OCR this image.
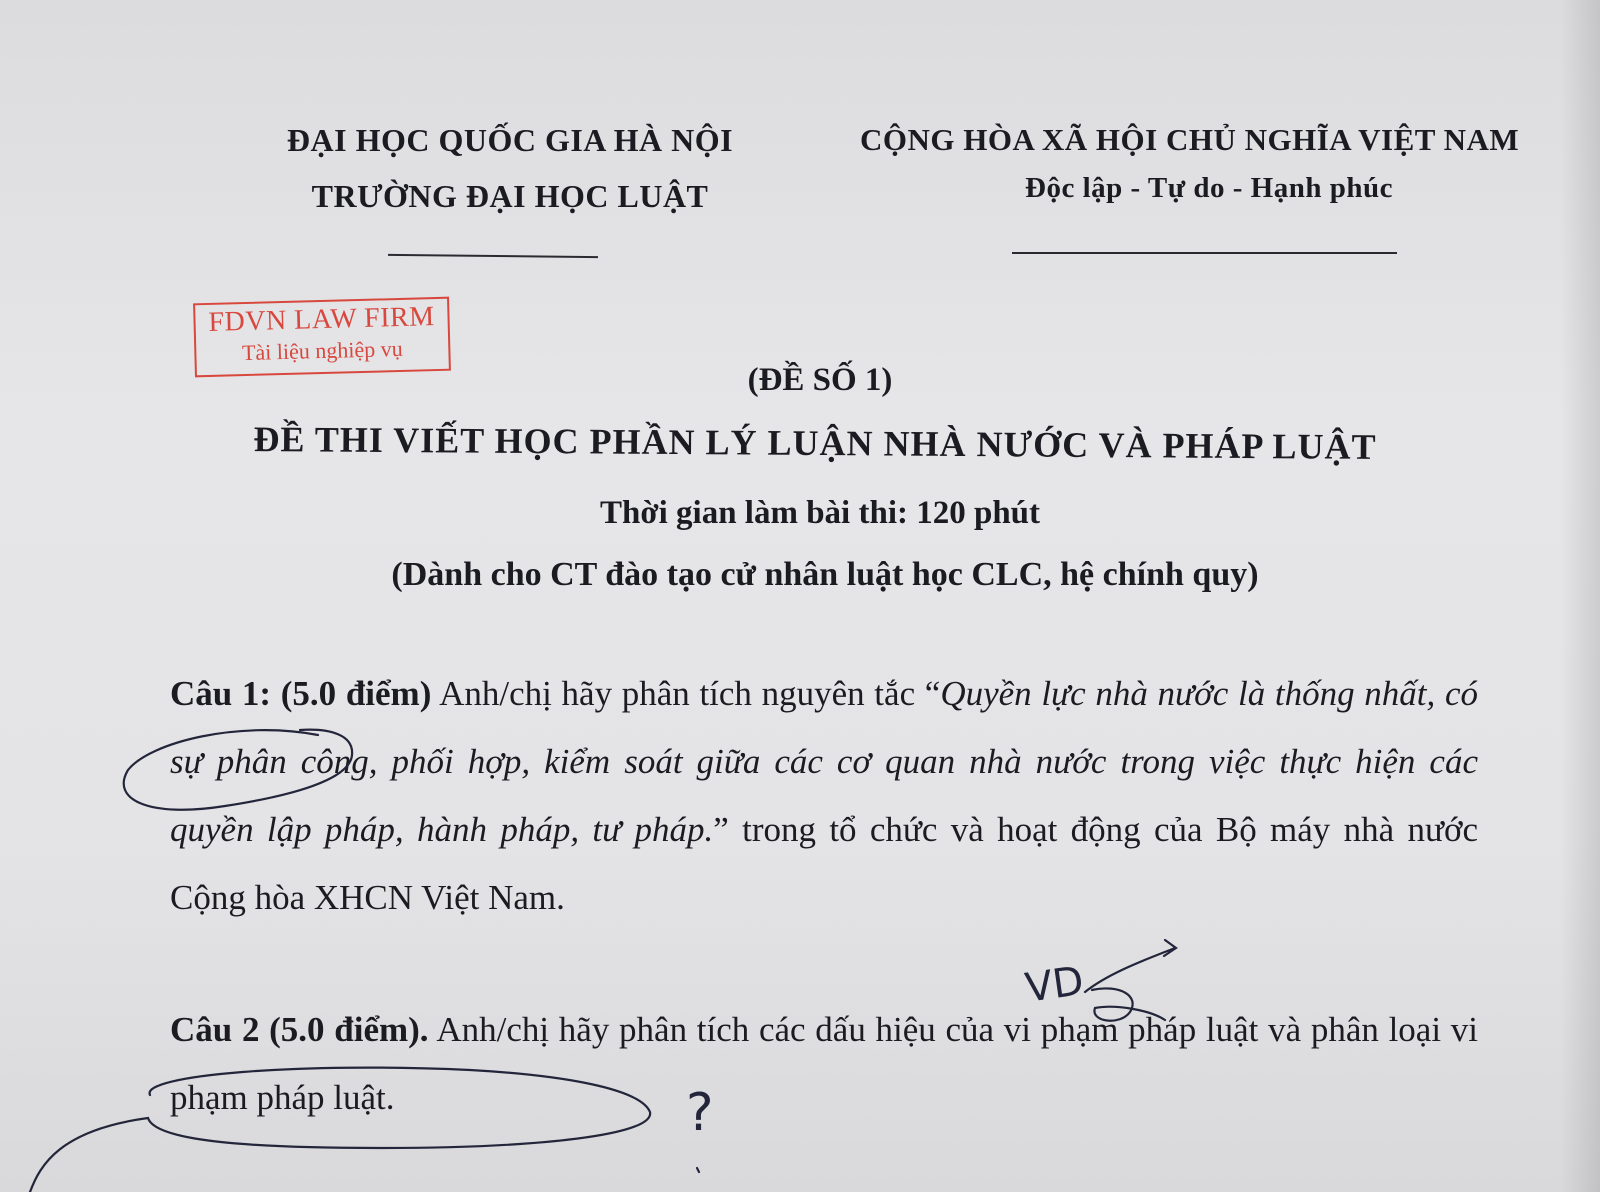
ĐẠI HỌC QUỐC GIA HÀ NỘI
TRƯỜNG ĐẠI HỌC LUẬT
CỘNG HÒA XÃ HỘI CHỦ NGHĨA VIỆT NAM
Độc lập - Tự do - Hạnh phúc
FDVN LAW FIRM
Tài liệu nghiệp vụ
(ĐỀ SỐ 1)
ĐỀ THI VIẾT HỌC PHẦN LÝ LUẬN NHÀ NƯỚC VÀ PHÁP LUẬT
Thời gian làm bài thi: 120 phút
(Dành cho CT đào tạo cử nhân luật học CLC, hệ chính quy)
Câu 1: (5.0 điểm) Anh/chị hãy phân tích nguyên tắc “Quyền lực nhà nước là thống nhất, có sự phân công, phối hợp, kiểm soát giữa các cơ quan nhà nước trong việc thực hiện các quyền lập pháp, hành pháp, tư pháp.” trong tổ chức và hoạt động của Bộ máy nhà nước Cộng hòa XHCN Việt Nam.
Câu 2 (5.0 điểm). Anh/chị hãy phân tích các dấu hiệu của vi phạm pháp luật và phân loại vi phạm pháp luật.
VD
?
